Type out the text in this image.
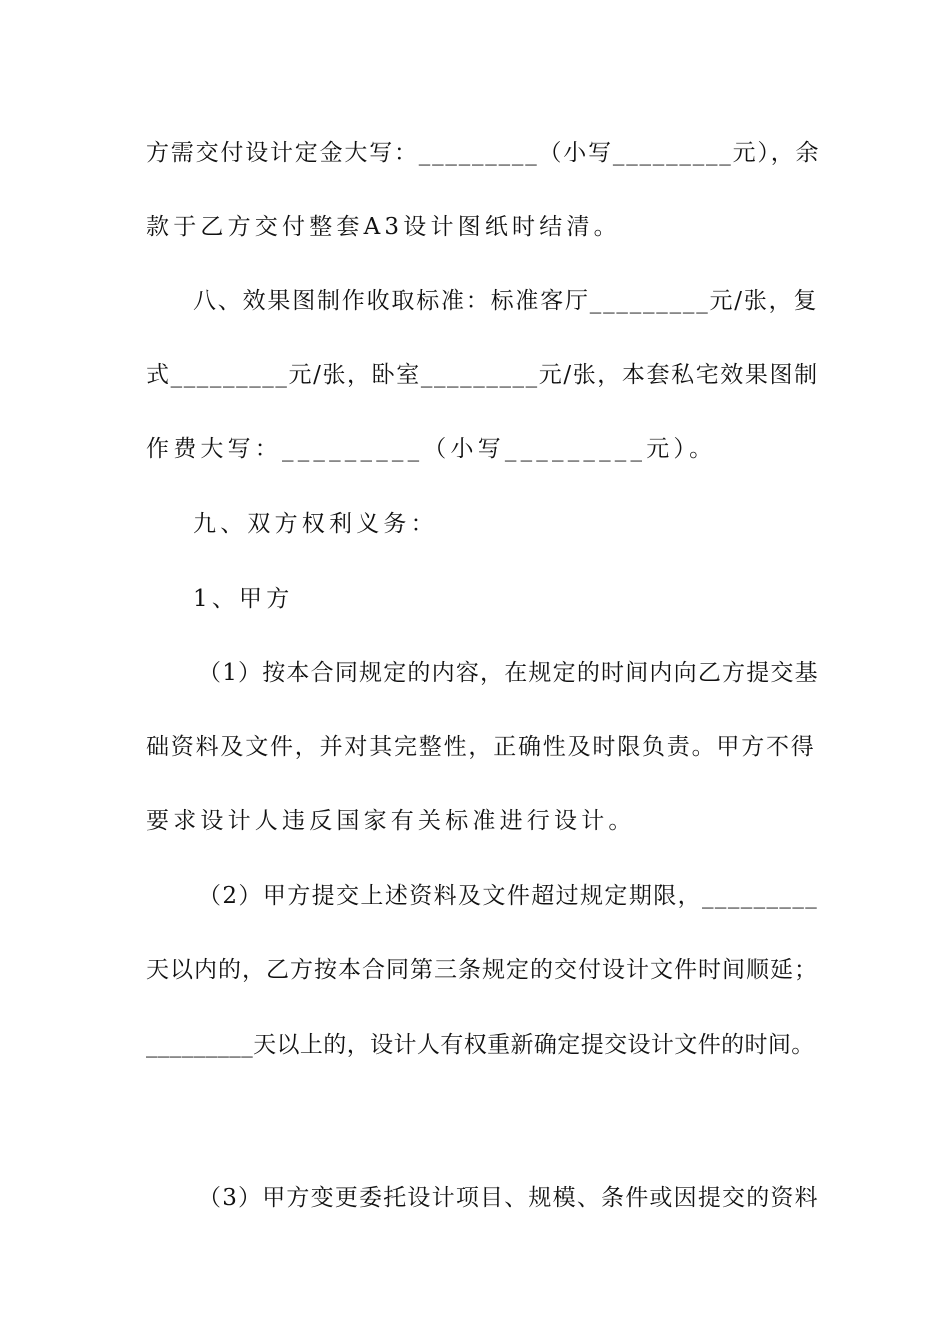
方需交付设计定金大写：_________（小写_________元），余
款于乙方交付整套A3设计图纸时结清。
八、效果图制作收取标准：标准客厅_________元/张，复
式_________元/张，卧室_________元/张，本套私宅效果图制
作费大写：_________（小写_________元）。
九、双方权利义务：
1、甲方
（1）按本合同规定的内容，在规定的时间内向乙方提交基
础资料及文件，并对其完整性，正确性及时限负责。甲方不得
要求设计人违反国家有关标准进行设计。
（2）甲方提交上述资料及文件超过规定期限，_________
天以内的，乙方按本合同第三条规定的交付设计文件时间顺延；
_________天以上的，设计人有权重新确定提交设计文件的时间。
（3）甲方变更委托设计项目、规模、条件或因提交的资料
